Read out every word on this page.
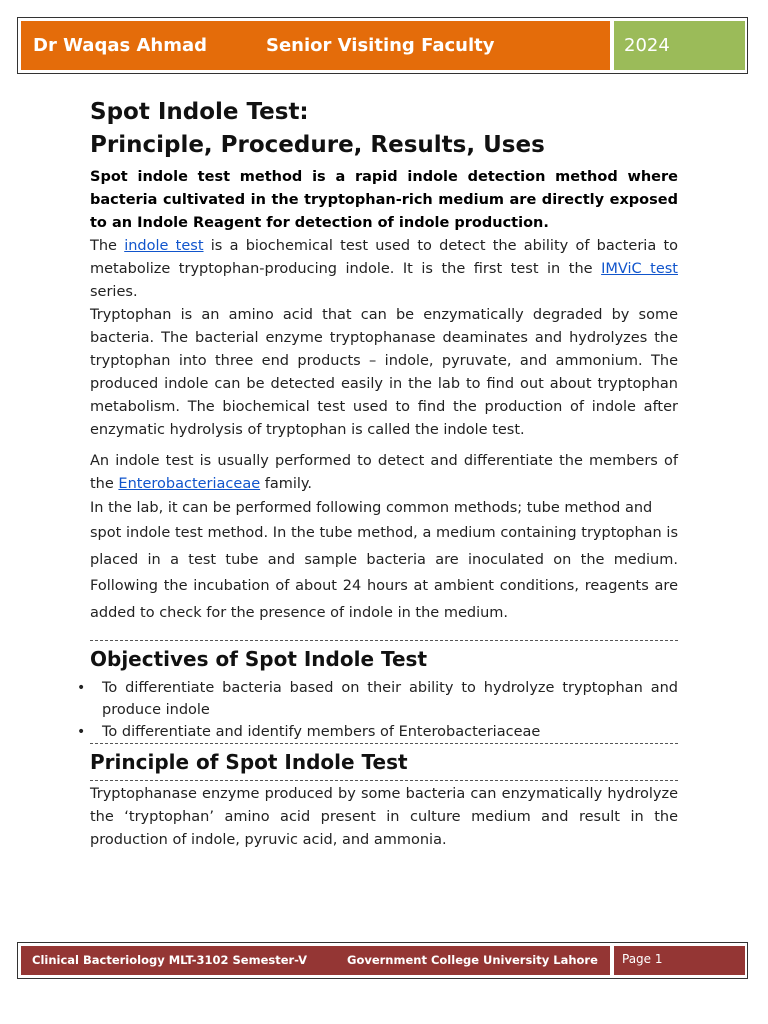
Dr Waqas Ahmad	Senior Visiting Faculty	2024
Spot Indole Test:
Principle, Procedure, Results, Uses

Spot indole test method is a rapid indole detection method where bacteria cultivated in the tryptophan-rich medium are directly exposed to an Indole Reagent for detection of indole production.

The indole test is a biochemical test used to detect the ability of bacteria to metabolize tryptophan-producing indole. It is the first test in the IMViC test series.

Tryptophan is an amino acid that can be enzymatically degraded by some bacteria. The bacterial enzyme tryptophanase deaminates and hydrolyzes the tryptophan into three end products – indole, pyruvate, and ammonium. The produced indole can be detected easily in the lab to find out about tryptophan metabolism. The biochemical test used to find the production of indole after enzymatic hydrolysis of tryptophan is called the indole test.

An indole test is usually performed to detect and differentiate the members of the Enterobacteriaceae family.

In the lab, it can be performed following common methods; tube method and

spot indole test method. In the tube method, a medium containing tryptophan is placed in a test tube and sample bacteria are inoculated on the medium. Following the incubation of about 24 hours at ambient conditions, reagents are added to check for the presence of indole in the medium.

Objectives of Spot Indole Test
• To differentiate bacteria based on their ability to hydrolyze tryptophan and produce indole
• To differentiate and identify members of Enterobacteriaceae
Principle of Spot Indole Test

Tryptophanase enzyme produced by some bacteria can enzymatically hydrolyze the ‘tryptophan’ amino acid present in culture medium and result in the production of indole, pyruvic acid, and ammonia.

Clinical Bacteriology MLT-3102 Semester-V	Government College University Lahore Page 1
